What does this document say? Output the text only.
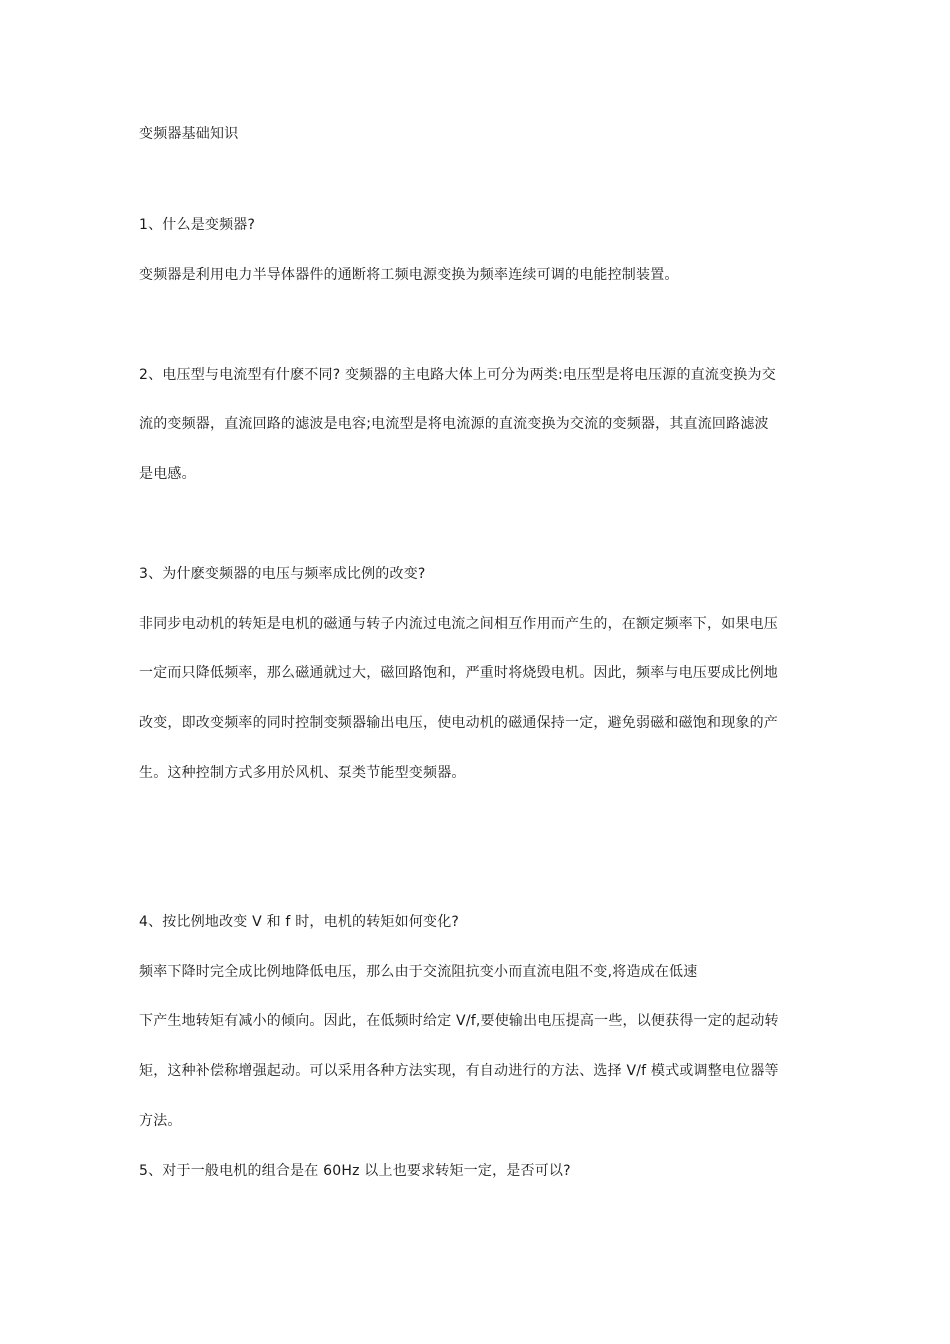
变频器基础知识
1、什么是变频器?
变频器是利用电力半导体器件的通断将工频电源变换为频率连续可调的电能控制装置。
2、电压型与电流型有什麽不同? 变频器的主电路大体上可分为两类:电压型是将电压源的直流变换为交
流的变频器，直流回路的滤波是电容;电流型是将电流源的直流变换为交流的变频器，其直流回路滤波
是电感。
3、为什麽变频器的电压与频率成比例的改变?
非同步电动机的转矩是电机的磁通与转子内流过电流之间相互作用而产生的，在额定频率下，如果电压
一定而只降低频率，那么磁通就过大，磁回路饱和，严重时将烧毁电机。因此，频率与电压要成比例地
改变，即改变频率的同时控制变频器输出电压，使电动机的磁通保持一定，避免弱磁和磁饱和现象的产
生。这种控制方式多用於风机、泵类节能型变频器。
4、按比例地改变 V 和 f 时，电机的转矩如何变化?
频率下降时完全成比例地降低电压，那么由于交流阻抗变小而直流电阻不变,将造成在低速
下产生地转矩有减小的倾向。因此，在低频时给定 V/f,要使输出电压提高一些，以便获得一定的起动转
矩，这种补偿称增强起动。可以采用各种方法实现，有自动进行的方法、选择 V/f 模式或调整电位器等
方法。
5、对于一般电机的组合是在 60Hz 以上也要求转矩一定，是否可以?
